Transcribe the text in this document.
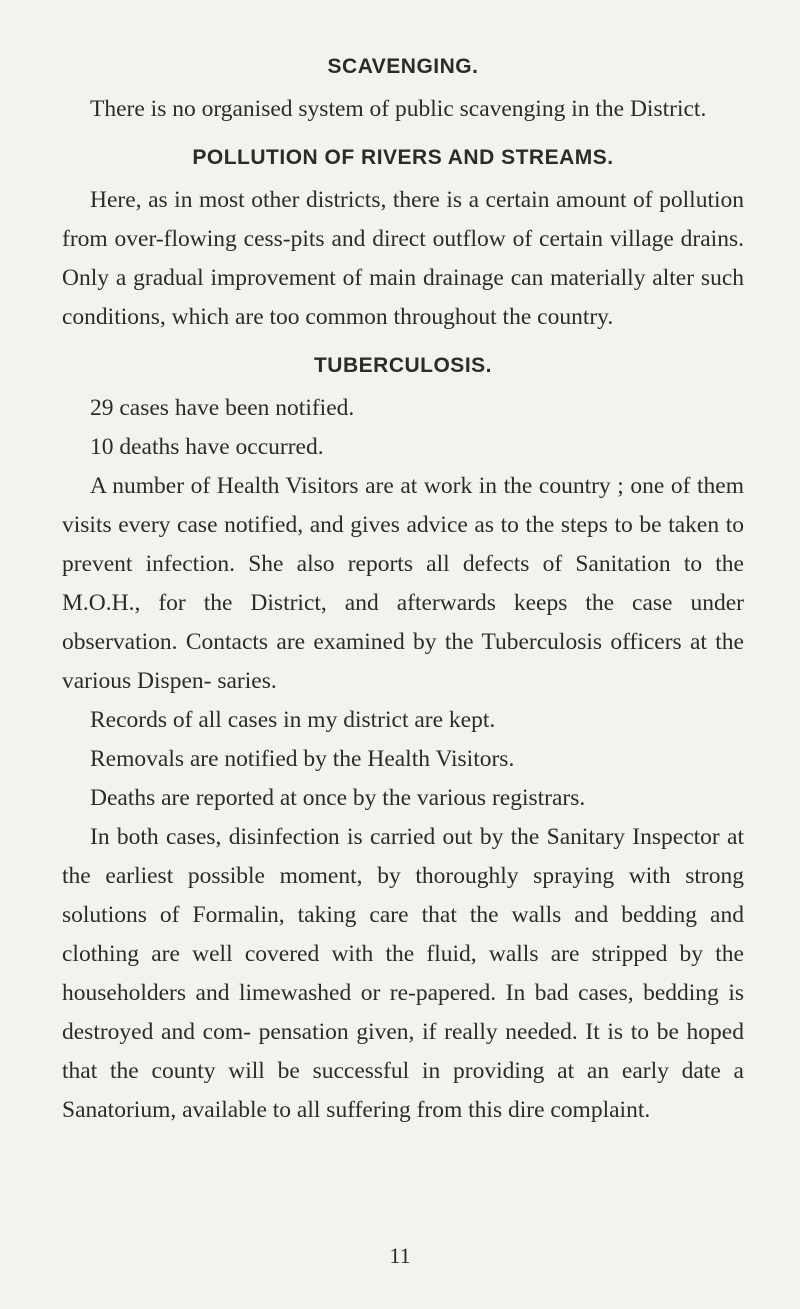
SCAVENGING.

There is no organised system of public scavenging in the District.

POLLUTION OF RIVERS AND STREAMS.

Here, as in most other districts, there is a certain amount of pollution from over-flowing cess-pits and direct outflow of certain village drains. Only a gradual improvement of main drainage can materially alter such conditions, which are too common throughout the country.

TUBERCULOSIS.

29 cases have been notified.

10 deaths have occurred.

A number of Health Visitors are at work in the country ; one of them visits every case notified, and gives advice as to the steps to be taken to prevent infection. She also reports all defects of Sanitation to the M.O.H., for the District, and afterwards keeps the case under observation. Contacts are examined by the Tuberculosis officers at the various Dispen- saries.

Records of all cases in my district are kept.

Removals are notified by the Health Visitors.

Deaths are reported at once by the various registrars.

In both cases, disinfection is carried out by the Sanitary Inspector at the earliest possible moment, by thoroughly spraying with strong solutions of Formalin, taking care that the walls and bedding and clothing are well covered with the fluid, walls are stripped by the householders and limewashed or re-papered. In bad cases, bedding is destroyed and com- pensation given, if really needed. It is to be hoped that the county will be successful in providing at an early date a Sanatorium, available to all suffering from this dire complaint.

11
